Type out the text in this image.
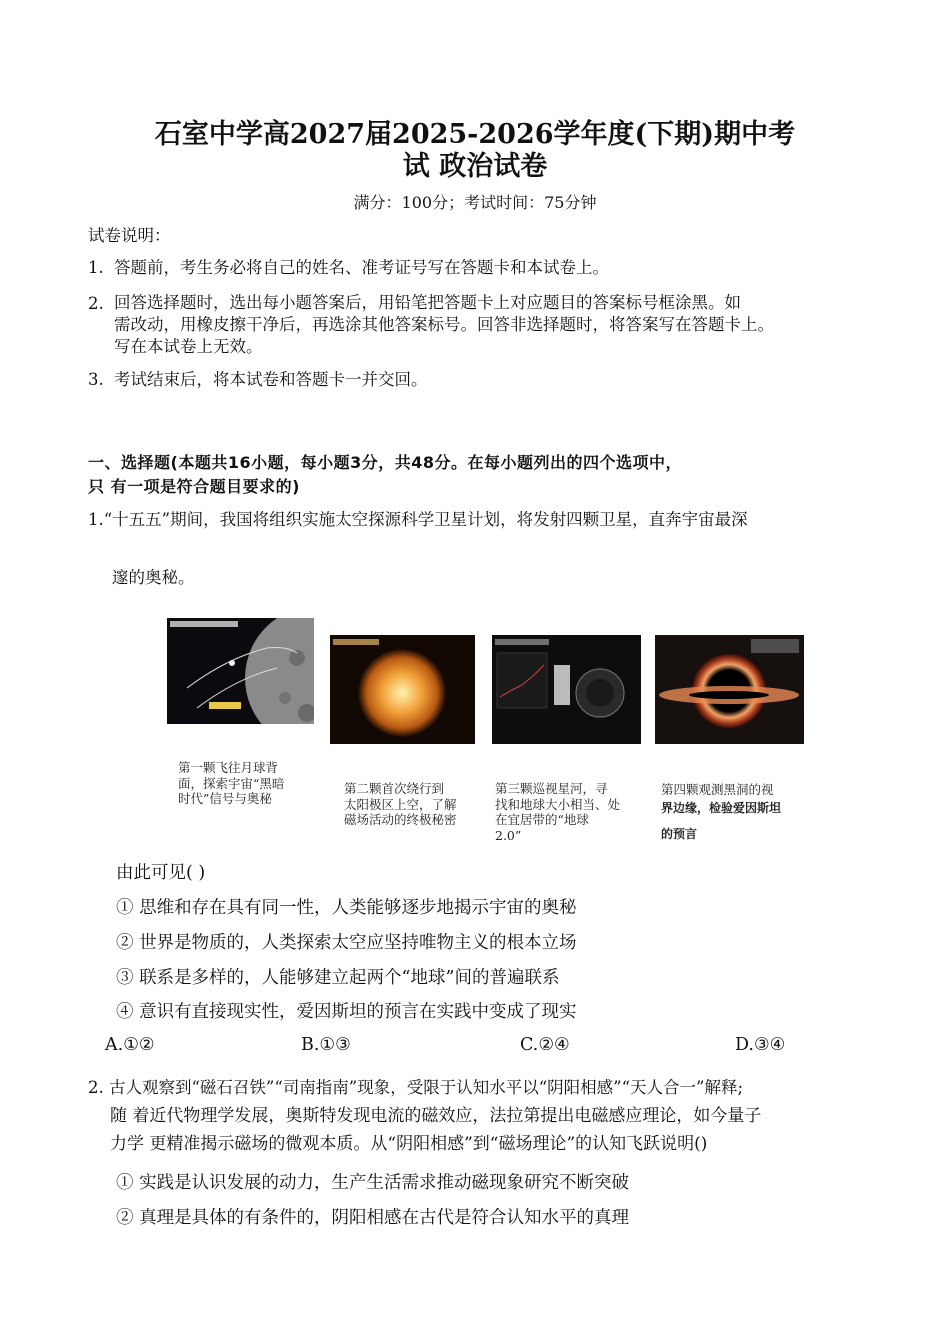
石室中学高2027届2025-2026学年度(下期)期中考
试 政治试卷
满分：100分；考试时间：75分钟
试卷说明：
1. 答题前，考生务必将自己的姓名、准考证号写在答题卡和本试卷上。
2. 回答选择题时，选出每小题答案后，用铅笔把答题卡上对应题目的答案标号框涂黑。如
需改动，用橡皮擦干净后，再选涂其他答案标号。回答非选择题时，将答案写在答题卡上。
写在本试卷上无效。
3. 考试结束后，将本试卷和答题卡一并交回。
一、选择题(本题共16小题，每小题3分，共48分。在每小题列出的四个选项中，
只 有一项是符合题目要求的)
1.“十五五”期间，我国将组织实施太空探源科学卫星计划，将发射四颗卫星，直奔宇宙最深
邃的奥秘。
第一颗飞往月球背
面，探索宇宙“黑暗
时代”信号与奥秘
第二颗首次绕行到
太阳极区上空，了解
磁场活动的终极秘密
第三颗巡视星河，寻
找和地球大小相当、处
在宜居带的“地球
2.0”
第四颗观测黑洞的视
界边缘，检验爱因斯坦
的预言
由此可见( )
① 思维和存在具有同一性，人类能够逐步地揭示宇宙的奥秘
② 世界是物质的，人类探索太空应坚持唯物主义的根本立场
③ 联系是多样的，人能够建立起两个“地球”间的普遍联系
④ 意识有直接现实性，爱因斯坦的预言在实践中变成了现实
A.①②	B.①③	C.②④	D.③④
2. 古人观察到“磁石召铁”“司南指南”现象，受限于认知水平以“阴阳相感”“天人合一”解释;
随 着近代物理学发展，奥斯特发现电流的磁效应，法拉第提出电磁感应理论，如今量子
力学 更精准揭示磁场的微观本质。从“阴阳相感”到“磁场理论”的认知飞跃说明()
① 实践是认识发展的动力，生产生活需求推动磁现象研究不断突破
② 真理是具体的有条件的，阴阳相感在古代是符合认知水平的真理
